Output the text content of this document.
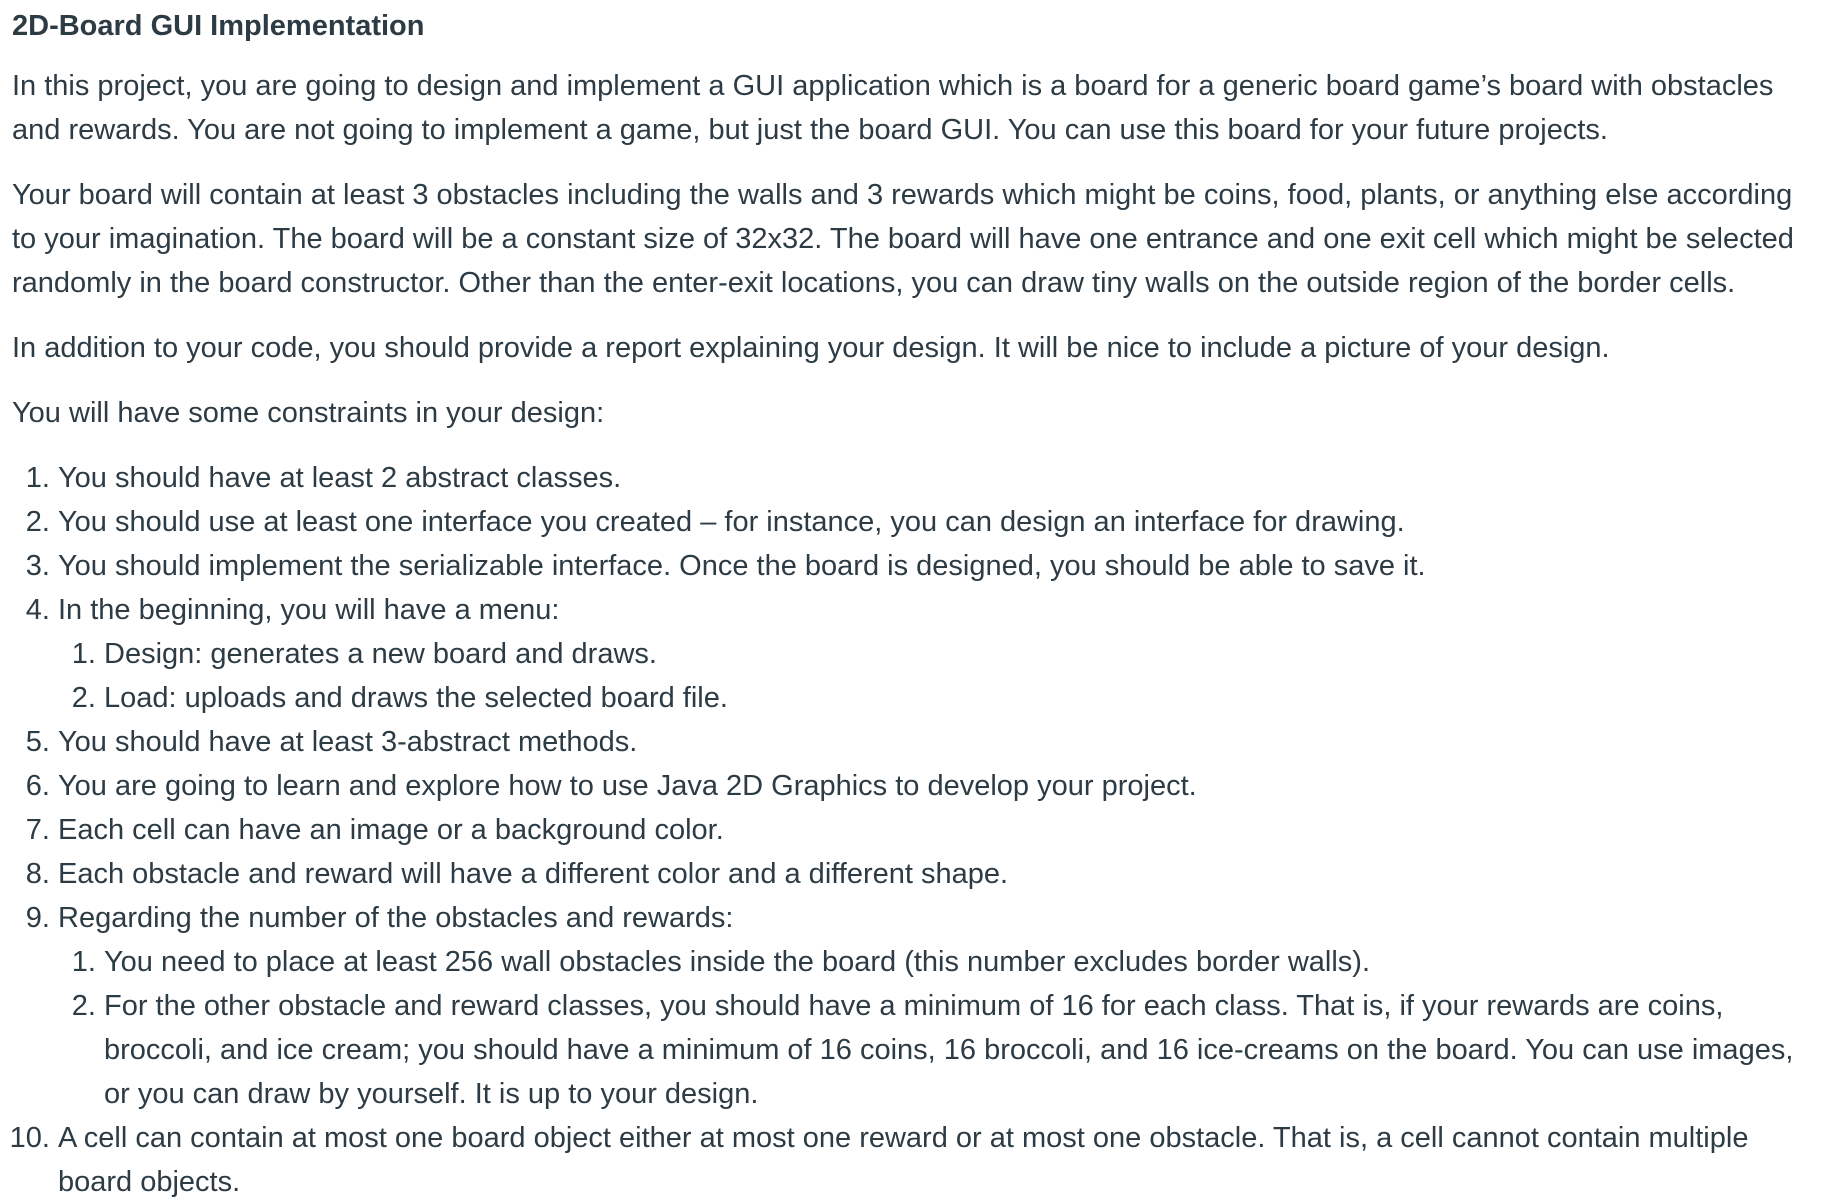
2D-Board GUI Implementation

In this project, you are going to design and implement a GUI application which is a board for a generic board game’s board with obstacles and rewards. You are not going to implement a game, but just the board GUI. You can use this board for your future projects.

Your board will contain at least 3 obstacles including the walls and 3 rewards which might be coins, food, plants, or anything else according to your imagination. The board will be a constant size of 32x32. The board will have one entrance and one exit cell which might be selected randomly in the board constructor. Other than the enter-exit locations, you can draw tiny walls on the outside region of the border cells.

In addition to your code, you should provide a report explaining your design. It will be nice to include a picture of your design.

You will have some constraints in your design:

1. You should have at least 2 abstract classes.
2. You should use at least one interface you created – for instance, you can design an interface for drawing.
3. You should implement the serializable interface. Once the board is designed, you should be able to save it.
4. In the beginning, you will have a menu:
1. Design: generates a new board and draws.
2. Load: uploads and draws the selected board file.
5. You should have at least 3-abstract methods.
6. You are going to learn and explore how to use Java 2D Graphics to develop your project.
7. Each cell can have an image or a background color.
8. Each obstacle and reward will have a different color and a different shape.
9. Regarding the number of the obstacles and rewards:
1. You need to place at least 256 wall obstacles inside the board (this number excludes border walls).
2. For the other obstacle and reward classes, you should have a minimum of 16 for each class. That is, if your rewards are coins, broccoli, and ice cream; you should have a minimum of 16 coins, 16 broccoli, and 16 ice-creams on the board. You can use images, or you can draw by yourself. It is up to your design.
10. A cell can contain at most one board object either at most one reward or at most one obstacle. That is, a cell cannot contain multiple board objects.
